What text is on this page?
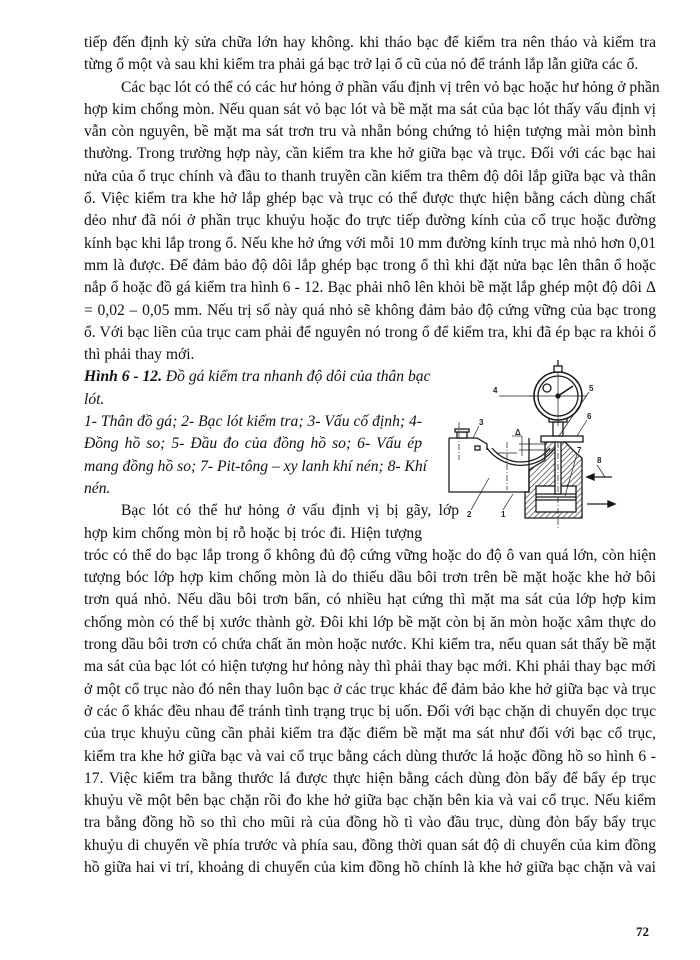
tiếp đến định kỳ sửa chữa lớn hay không. khi tháo bạc để kiểm tra nên tháo và kiểm tra
từng ổ một và sau khi kiểm tra phải gá bạc trở lại ổ cũ của nó để tránh lắp lẫn giữa các ổ.
Các bạc lót có thể có các hư hỏng ở phần vấu định vị trên vỏ bạc hoặc hư hỏng ở phần
hợp kim chống mòn. Nếu quan sát vỏ bạc lót và bề mặt ma sát của bạc lót thấy vấu định vị
vẫn còn nguyên, bề mặt ma sát trơn tru và nhẵn bóng chứng tỏ hiện tượng mài mòn bình
thường. Trong trường hợp này, cần kiểm tra khe hở giữa bạc và trục. Đối với các bạc hai
nửa của ổ trục chính và đầu to thanh truyền cần kiểm tra thêm độ dôi lắp giữa bạc và thân
ổ. Việc kiểm tra khe hở lắp ghép bạc và trục có thể được thực hiện bằng cách dùng chất
dẻo như đã nói ở phần trục khuỷu hoặc đo trực tiếp đường kính của cổ trục hoặc đường
kính bạc khi lắp trong ổ. Nếu khe hở ứng với mỗi 10 mm đường kính trục mà nhỏ hơn 0,01
mm là được. Để đảm bảo độ dôi lắp ghép bạc trong ổ thì khi đặt nửa bạc lên thân ổ hoặc
nắp ổ hoặc đồ gá kiểm tra hình 6 - 12. Bạc phải nhô lên khỏi bề mặt lắp ghép một độ dôi Δ
= 0,02 – 0,05 mm. Nếu trị số này quá nhỏ sẽ không đảm bảo độ cứng vững của bạc trong
ổ. Với bạc liền của trục cam phải để nguyên nó trong ổ để kiểm tra, khi đã ép bạc ra khỏi ổ
thì phải thay mới.
Hình 6 - 12. Đồ gá kiểm tra nhanh độ dôi của thân bạc
lót.
1- Thân đồ gá; 2- Bạc lót kiểm tra; 3- Vấu cố định; 4-
Đồng hồ so; 5- Đầu đo của đồng hồ so; 6- Vấu ép
mang đồng hồ so; 7- Pit-tông – xy lanh khí nén; 8- Khí
nén.
Bạc lót có thể hư hỏng ở vấu định vị bị gãy, lớp
hợp kim chống mòn bị rỗ hoặc bị tróc đi. Hiện tượng
tróc có thể do bạc lắp trong ổ không đủ độ cứng vững hoặc do độ ô van quá lớn, còn hiện
tượng bóc lớp hợp kim chống mòn là do thiếu dầu bôi trơn trên bề mặt hoặc khe hở bôi
trơn quá nhỏ. Nếu dầu bôi trơn bẩn, có nhiều hạt cứng thì mặt ma sát của lớp hợp kim
chống mòn có thể bị xước thành gờ. Đôi khi lớp bề mặt còn bị ăn mòn hoặc xâm thực do
trong dầu bôi trơn có chứa chất ăn mòn hoặc nước. Khi kiểm tra, nếu quan sát thấy bề mặt
ma sát của bạc lót có hiện tượng hư hỏng này thì phải thay bạc mới. Khi phải thay bạc mới
ở một cổ trục nào đó nên thay luôn bạc ở các trục khác để đảm bảo khe hở giữa bạc và trục
ở các ổ khác đều nhau để tránh tình trạng trục bị uốn. Đối với bạc chặn di chuyển dọc trục
của trục khuỷu cũng cần phải kiểm tra đặc điểm bề mặt ma sát như đối với bạc cổ trục,
kiểm tra khe hở giữa bạc và vai cổ trục bằng cách dùng thước lá hoặc đồng hồ so hình 6 -
17. Việc kiểm tra bằng thước lá được thực hiện bằng cách dùng đòn bẩy để bẩy ép trục
khuỷu về một bên bạc chặn rồi đo khe hở giữa bạc chặn bên kia và vai cổ trục. Nếu kiểm
tra bằng đồng hồ so thì cho mũi rà của đồng hồ tì vào đầu trục, dùng đòn bẩy bẩy trục
khuỷu di chuyển về phía trước và phía sau, đồng thời quan sát độ di chuyển của kim đồng
hồ giữa hai vi trí, khoảng di chuyển của kim đồng hồ chính là khe hở giữa bạc chặn và vai
4	5
6
3
Δ
7
8
2	1
72
